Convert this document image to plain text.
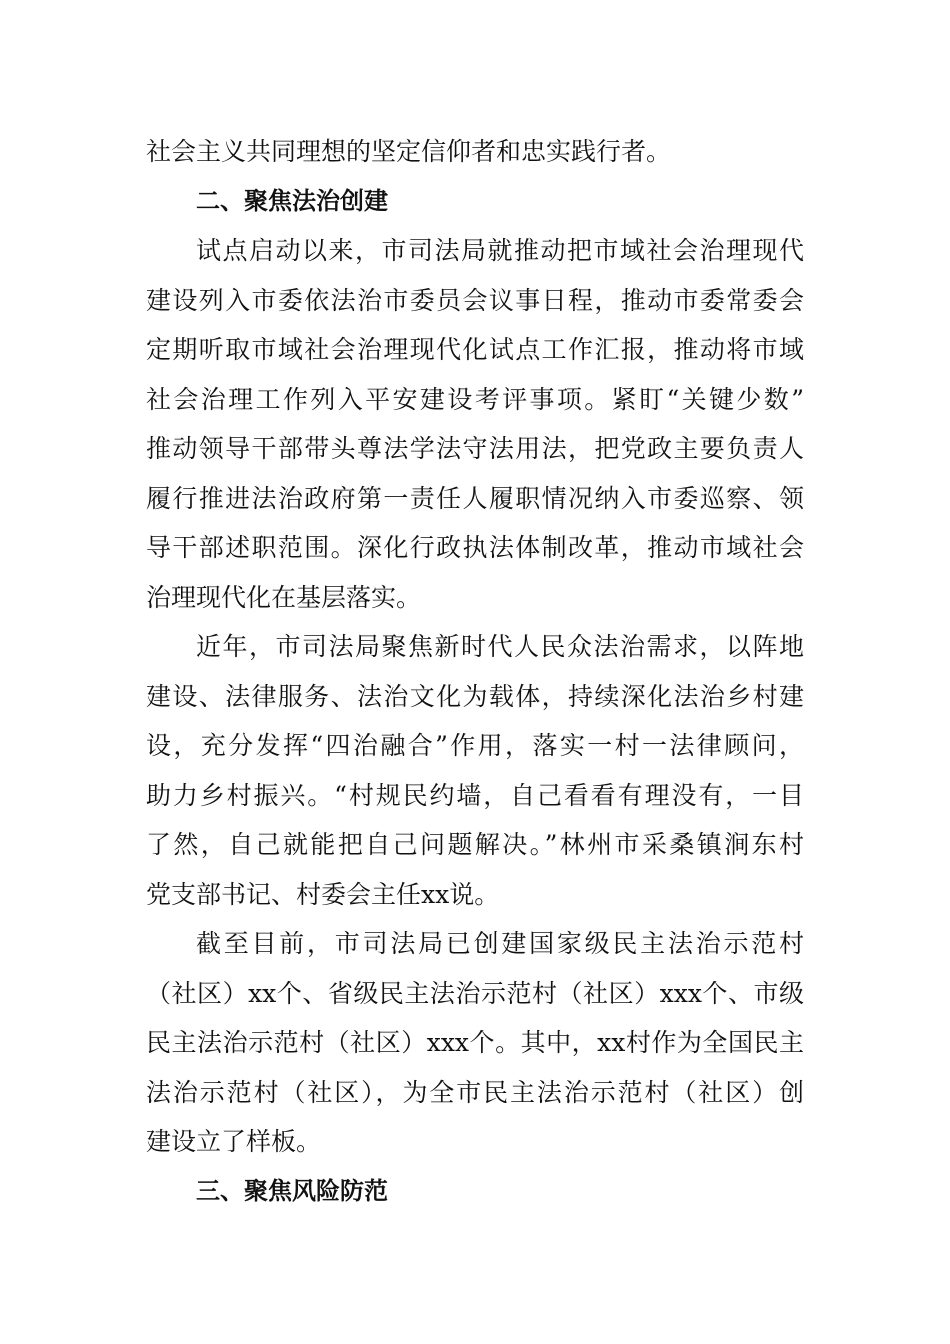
社会主义共同理想的坚定信仰者和忠实践行者。
二、聚焦法治创建
试点启动以来，市司法局就推动把市域社会治理现代
建设列入市委依法治市委员会议事日程，推动市委常委会
定期听取市域社会治理现代化试点工作汇报，推动将市域
社会治理工作列入平安建设考评事项。紧盯“关键少数”
推动领导干部带头尊法学法守法用法，把党政主要负责人
履行推进法治政府第一责任人履职情况纳入市委巡察、领
导干部述职范围。深化行政执法体制改革，推动市域社会
治理现代化在基层落实。
近年，市司法局聚焦新时代人民众法治需求，以阵地
建设、法律服务、法治文化为载体，持续深化法治乡村建
设，充分发挥“四治融合”作用，落实一村一法律顾问，
助力乡村振兴。“村规民约墙，自己看看有理没有，一目
了然，自己就能把自己问题解决。”林州市采桑镇涧东村
党支部书记、村委会主任xx说。
截至目前，市司法局已创建国家级民主法治示范村
（社区）xx个、省级民主法治示范村（社区）xxx个、市级
民主法治示范村（社区）xxx个。其中，xx村作为全国民主
法治示范村（社区），为全市民主法治示范村（社区）创
建设立了样板。
三、聚焦风险防范
